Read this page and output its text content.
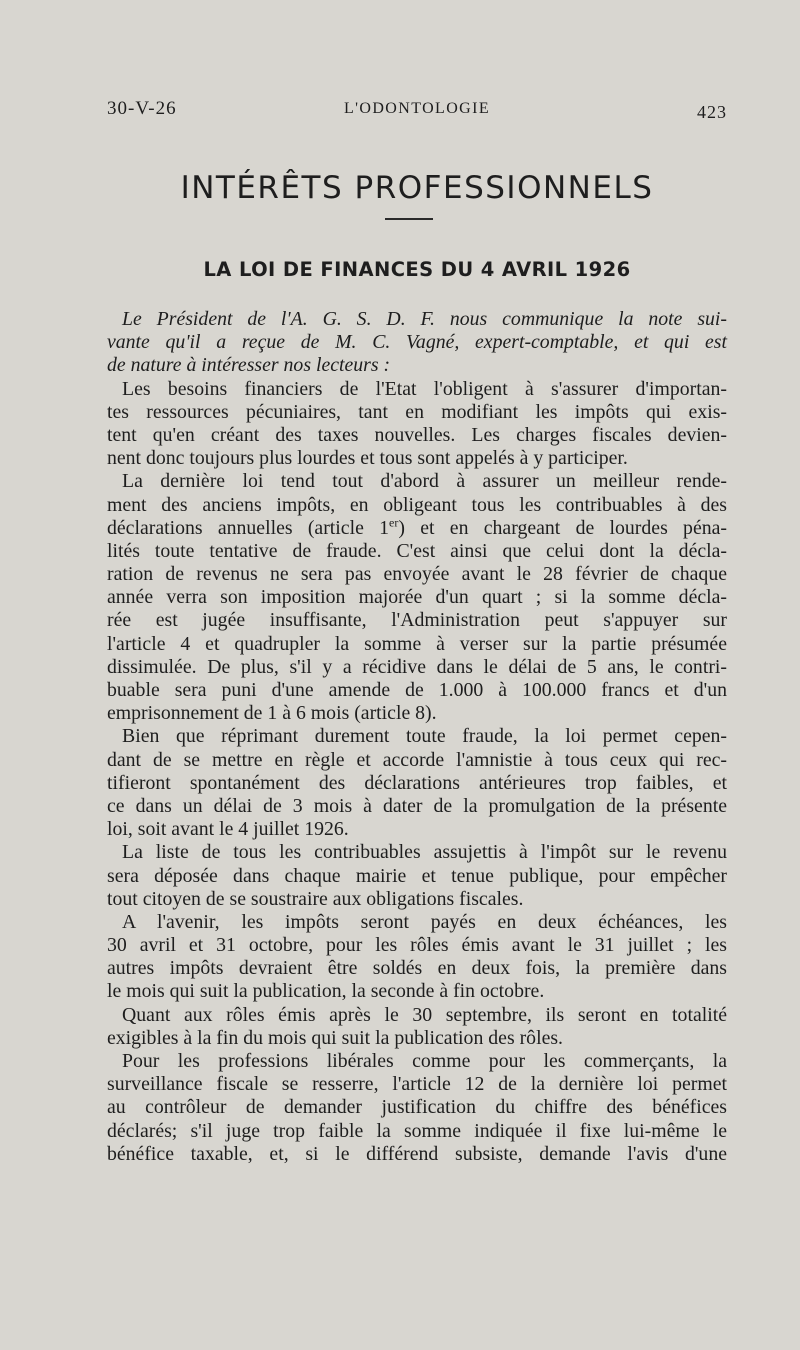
30-V-26	L'ODONTOLOGIE	423
INTÉRÊTS PROFESSIONNELS
LA LOI DE FINANCES DU 4 AVRIL 1926
Le Président de l'A. G. S. D. F. nous communique la note sui-
vante qu'il a reçue de M. C. Vagné, expert-comptable, et qui est
de nature à intéresser nos lecteurs :
Les besoins financiers de l'Etat l'obligent à s'assurer d'importan-
tes ressources pécuniaires, tant en modifiant les impôts qui exis-
tent qu'en créant des taxes nouvelles. Les charges fiscales devien-
nent donc toujours plus lourdes et tous sont appelés à y participer.
La dernière loi tend tout d'abord à assurer un meilleur rende-
ment des anciens impôts, en obligeant tous les contribuables à des
déclarations annuelles (article 1er) et en chargeant de lourdes péna-
lités toute tentative de fraude. C'est ainsi que celui dont la décla-
ration de revenus ne sera pas envoyée avant le 28 février de chaque
année verra son imposition majorée d'un quart ; si la somme décla-
rée est jugée insuffisante, l'Administration peut s'appuyer sur
l'article 4 et quadrupler la somme à verser sur la partie présumée
dissimulée. De plus, s'il y a récidive dans le délai de 5 ans, le contri-
buable sera puni d'une amende de 1.000 à 100.000 francs et d'un
emprisonnement de 1 à 6 mois (article 8).
Bien que réprimant durement toute fraude, la loi permet cepen-
dant de se mettre en règle et accorde l'amnistie à tous ceux qui rec-
tifieront spontanément des déclarations antérieures trop faibles, et
ce dans un délai de 3 mois à dater de la promulgation de la présente
loi, soit avant le 4 juillet 1926.
La liste de tous les contribuables assujettis à l'impôt sur le revenu
sera déposée dans chaque mairie et tenue publique, pour empêcher
tout citoyen de se soustraire aux obligations fiscales.
A l'avenir, les impôts seront payés en deux échéances, les
30 avril et 31 octobre, pour les rôles émis avant le 31 juillet ; les
autres impôts devraient être soldés en deux fois, la première dans
le mois qui suit la publication, la seconde à fin octobre.
Quant aux rôles émis après le 30 septembre, ils seront en totalité
exigibles à la fin du mois qui suit la publication des rôles.
Pour les professions libérales comme pour les commerçants, la
surveillance fiscale se resserre, l'article 12 de la dernière loi permet
au contrôleur de demander justification du chiffre des bénéfices
déclarés; s'il juge trop faible la somme indiquée il fixe lui-même le
bénéfice taxable, et, si le différend subsiste, demande l'avis d'une
